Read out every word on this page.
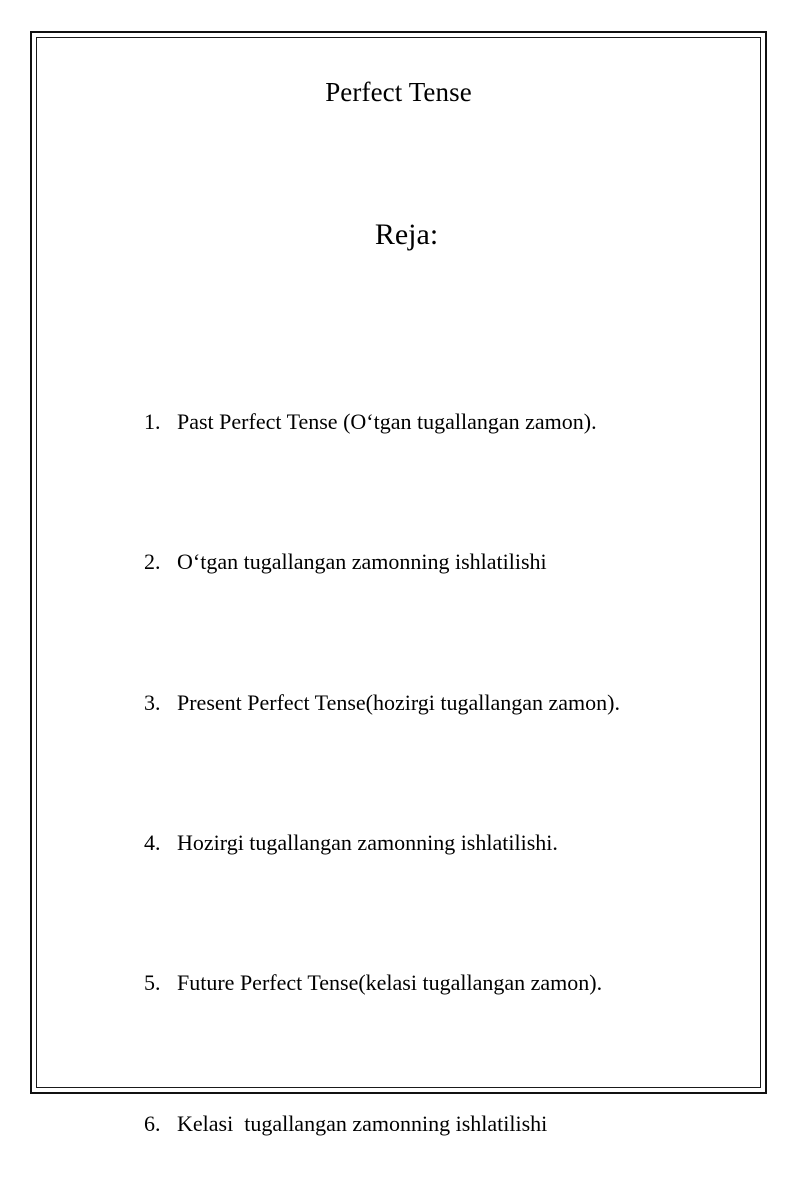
Perfect Tense
Reja:

1. Past Perfect Tense (Oʻtgan tugallangan zamon).

2. Oʻtgan tugallangan zamonning ishlatilishi

3. Present Perfect Tense(hozirgi tugallangan zamon).

4. Hozirgi tugallangan zamonning ishlatilishi.

5. Future Perfect Tense(kelasi tugallangan zamon).

6. Kelasi  tugallangan zamonning ishlatilishi
